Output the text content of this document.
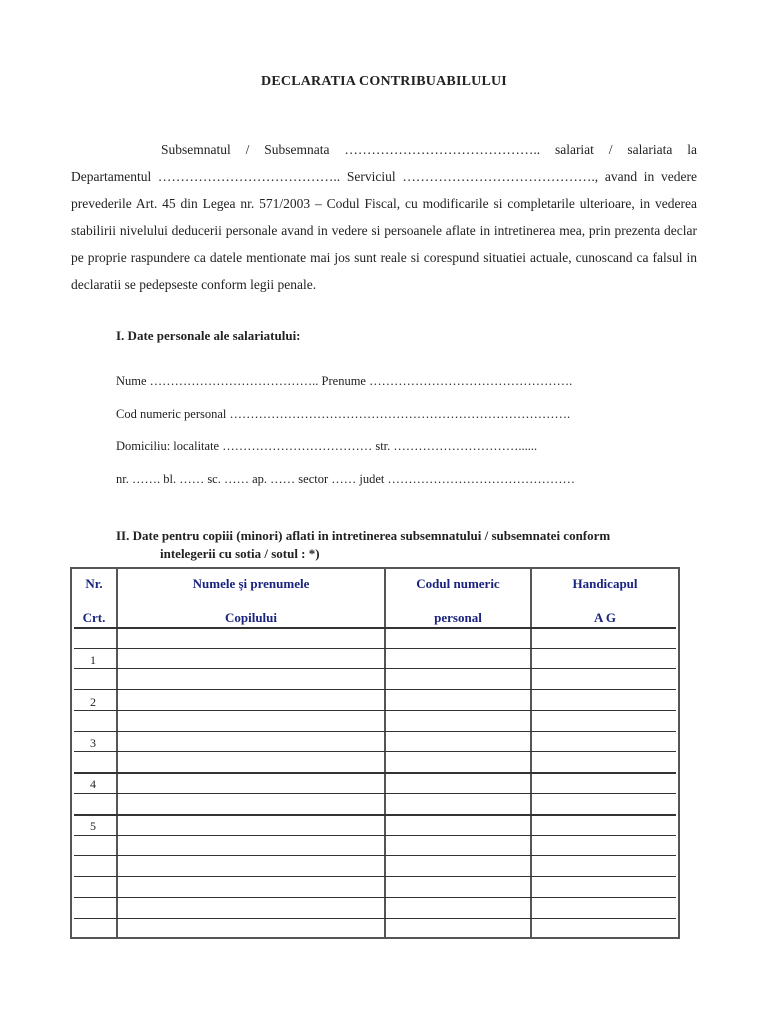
DECLARATIA CONTRIBUABILULUI
Subsemnatul / Subsemnata …………………………………….. salariat / salariata la Departamentul ………………………………….. Serviciul ……………………………………., avand in vedere prevederile Art. 45 din Legea nr. 571/2003 – Codul Fiscal, cu modificarile si completarile ulterioare, in vederea stabilirii nivelului deducerii personale avand in vedere si persoanele aflate in intretinerea mea, prin prezenta declar pe proprie raspundere ca datele mentionate mai jos sunt reale si corespund situatiei actuale, cunoscand ca falsul in declaratii se pedepseste conform legii penale.
I. Date personale ale salariatului:
Nume ………………………………….. Prenume ………………………………………….
Cod numeric personal ……………………………………………………………………….
Domiciliu: localitate ……………………………… str. …………………………......
nr. ……. bl. …… sc. …… ap. …… sector …… judet ………………………………………
II. Date pentru copiii (minori) aflati in intretinerea subsemnatului / subsemnatei conform
intelegerii cu sotia / sotul : *)
Nr.
Crt.
Numele şi prenumele
Copilului
Codul numeric
personal
Handicapul
A G
1
2
3
4
5
